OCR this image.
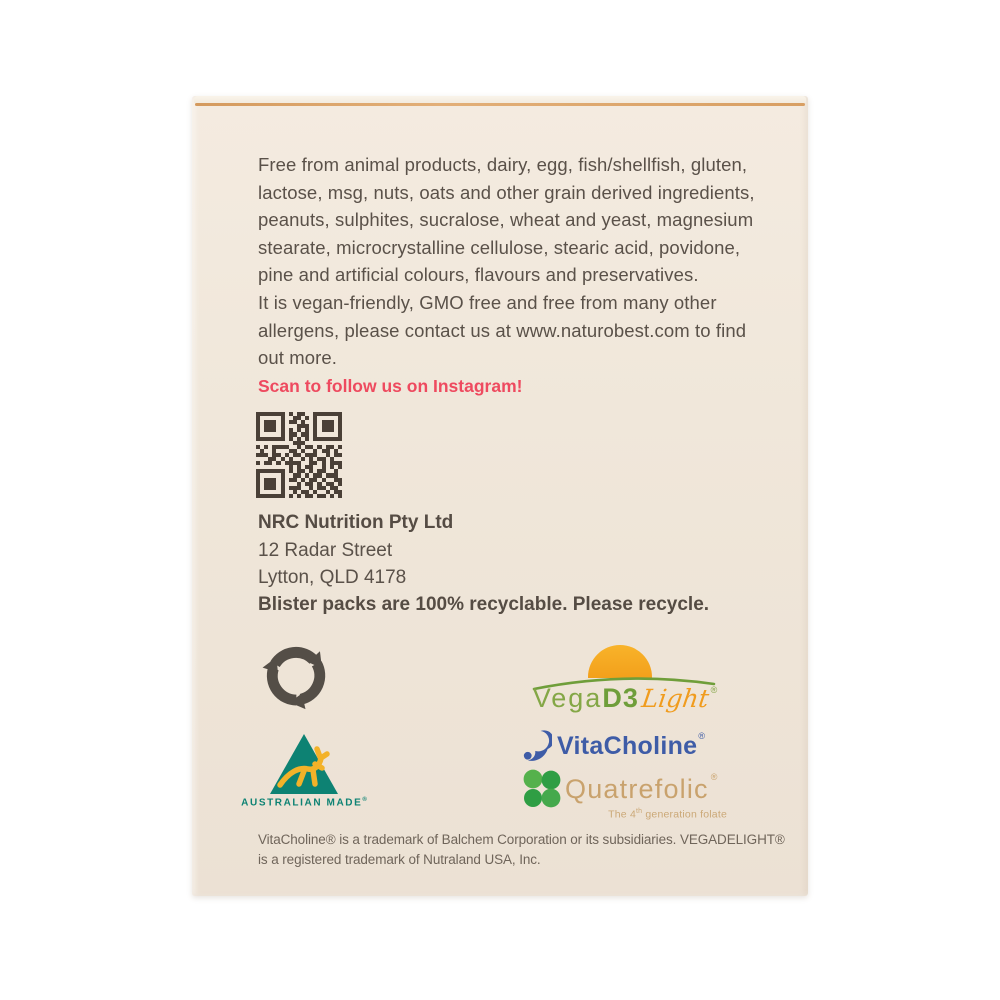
Free from animal products, dairy, egg, fish/shellfish, gluten,
lactose, msg, nuts, oats and other grain derived ingredients,
peanuts, sulphites, sucralose, wheat and yeast, magnesium
stearate, microcrystalline cellulose, stearic acid, povidone,
pine and artificial colours, flavours and preservatives.
It is vegan-friendly, GMO free and free from many other
allergens, please contact us at www.naturobest.com to find
out more.
Scan to follow us on Instagram!
NRC Nutrition Pty Ltd
12 Radar Street
Lytton, QLD 4178
Blister packs are 100% recyclable. Please recycle.
AUSTRALIAN MADE®
Vega D3 Light ®
VitaCholine ®
Quatrefolic ®
The 4th generation folate
VitaCholine® is a trademark of Balchem Corporation or its subsidiaries. VEGADELIGHT®
is a registered trademark of Nutraland USA, Inc.
